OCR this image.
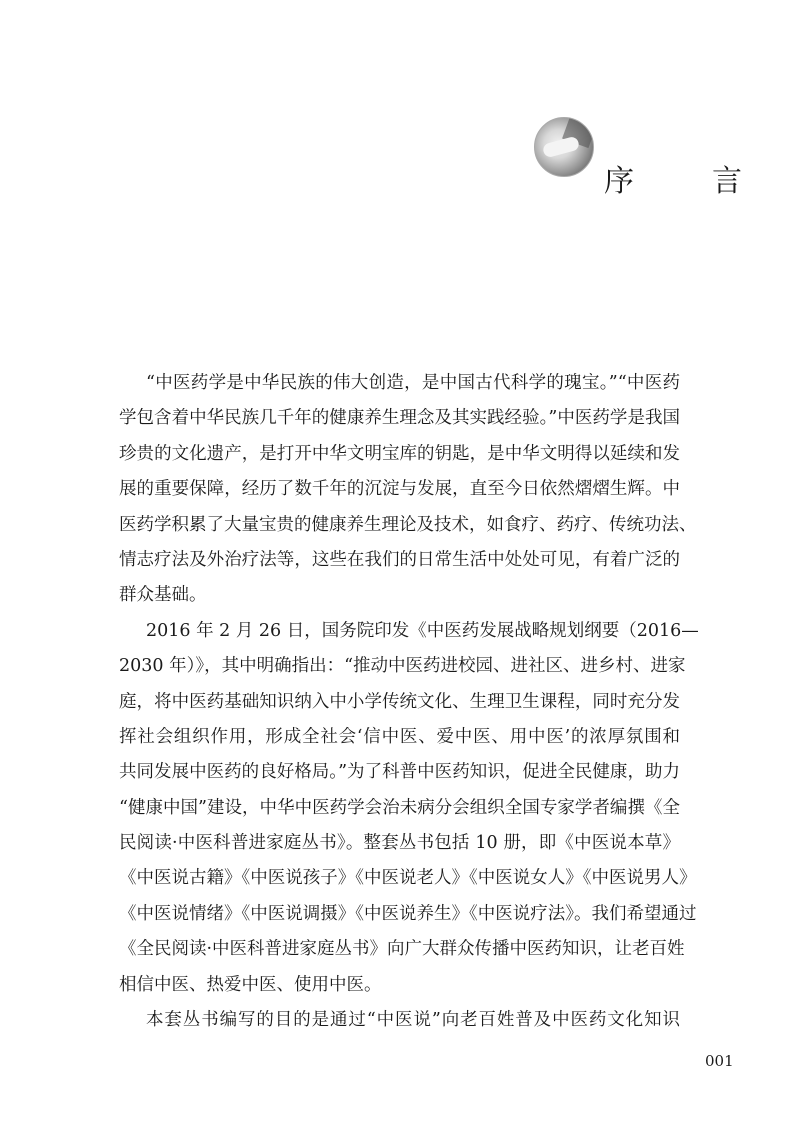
序　言
“中医药学是中华民族的伟大创造，是中国古代科学的瑰宝。”“中医药
学包含着中华民族几千年的健康养生理念及其实践经验。”中医药学是我国
珍贵的文化遗产，是打开中华文明宝库的钥匙，是中华文明得以延续和发
展的重要保障，经历了数千年的沉淀与发展，直至今日依然熠熠生辉。中
医药学积累了大量宝贵的健康养生理论及技术，如食疗、药疗、传统功法、
情志疗法及外治疗法等，这些在我们的日常生活中处处可见，有着广泛的
群众基础。
2016 年 2 月 26 日，国务院印发《中医药发展战略规划纲要（2016—
2030 年）》，其中明确指出：“推动中医药进校园、进社区、进乡村、进家
庭，将中医药基础知识纳入中小学传统文化、生理卫生课程，同时充分发
挥社会组织作用，形成全社会‘信中医、爱中医、用中医’的浓厚氛围和
共同发展中医药的良好格局。”为了科普中医药知识，促进全民健康，助力
“健康中国”建设，中华中医药学会治未病分会组织全国专家学者编撰《全
民阅读·中医科普进家庭丛书》。整套丛书包括 10 册，即《中医说本草》
《中医说古籍》《中医说孩子》《中医说老人》《中医说女人》《中医说男人》
《中医说情绪》《中医说调摄》《中医说养生》《中医说疗法》。我们希望通过
《全民阅读·中医科普进家庭丛书》向广大群众传播中医药知识，让老百姓
相信中医、热爱中医、使用中医。
本套丛书编写的目的是通过“中医说”向老百姓普及中医药文化知识
001
